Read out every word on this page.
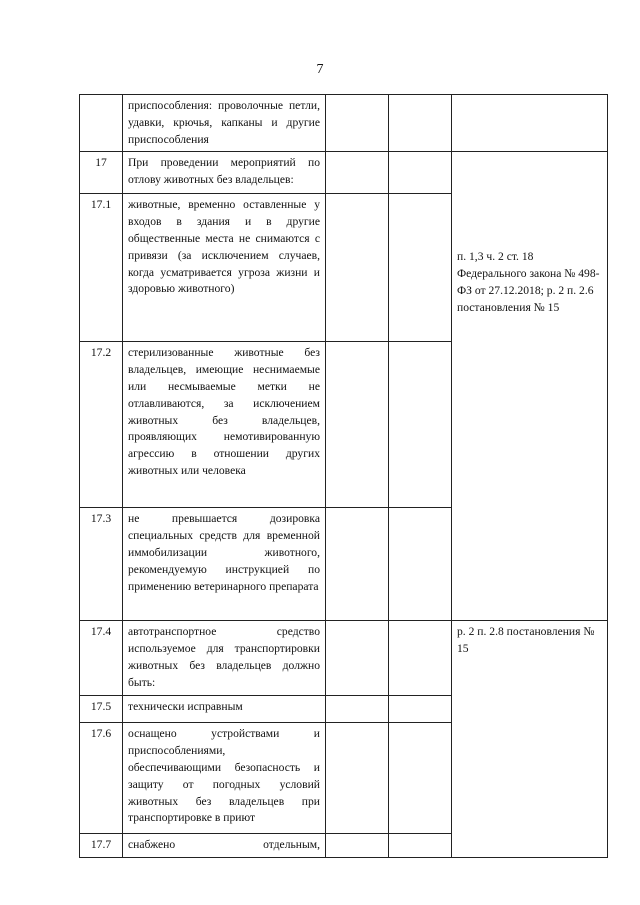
7
	приспособления: проволочные петли, удавки, крючья, капканы и другие приспособления			
17	При проведении мероприятий по отлову животных без владельцев:			п. 1,3 ч. 2 ст. 18 Федерального закона № 498-ФЗ от 27.12.2018; р. 2 п. 2.6 постановления № 15

17.1	животные, временно оставленные у входов в здания и в другие общественные места не снимаются с привязи (за исключением случаев, когда усматривается угроза жизни и здоровью животного)			
17.2	стерилизованные животные без владельцев, имеющие неснимаемые или несмываемые метки не отлавливаются, за исключением животных без владельцев, проявляющих немотивированную агрессию в отношении других животных или человека			
17.3	не превышается дозировка специальных средств для временной иммобилизации животного, рекомендуемую инструкцией по применению ветеринарного препарата			
17.4	автотранспортное средство используемое для транспортировки животных без владельцев должно быть:			р. 2 п. 2.8 постановления № 15

17.5	технически исправным			
17.6	оснащено устройствами и приспособлениями, обеспечивающими безопасность и защиту от погодных условий животных без владельцев при транспортировке в приют			
17.7	снабжено отдельным,			
